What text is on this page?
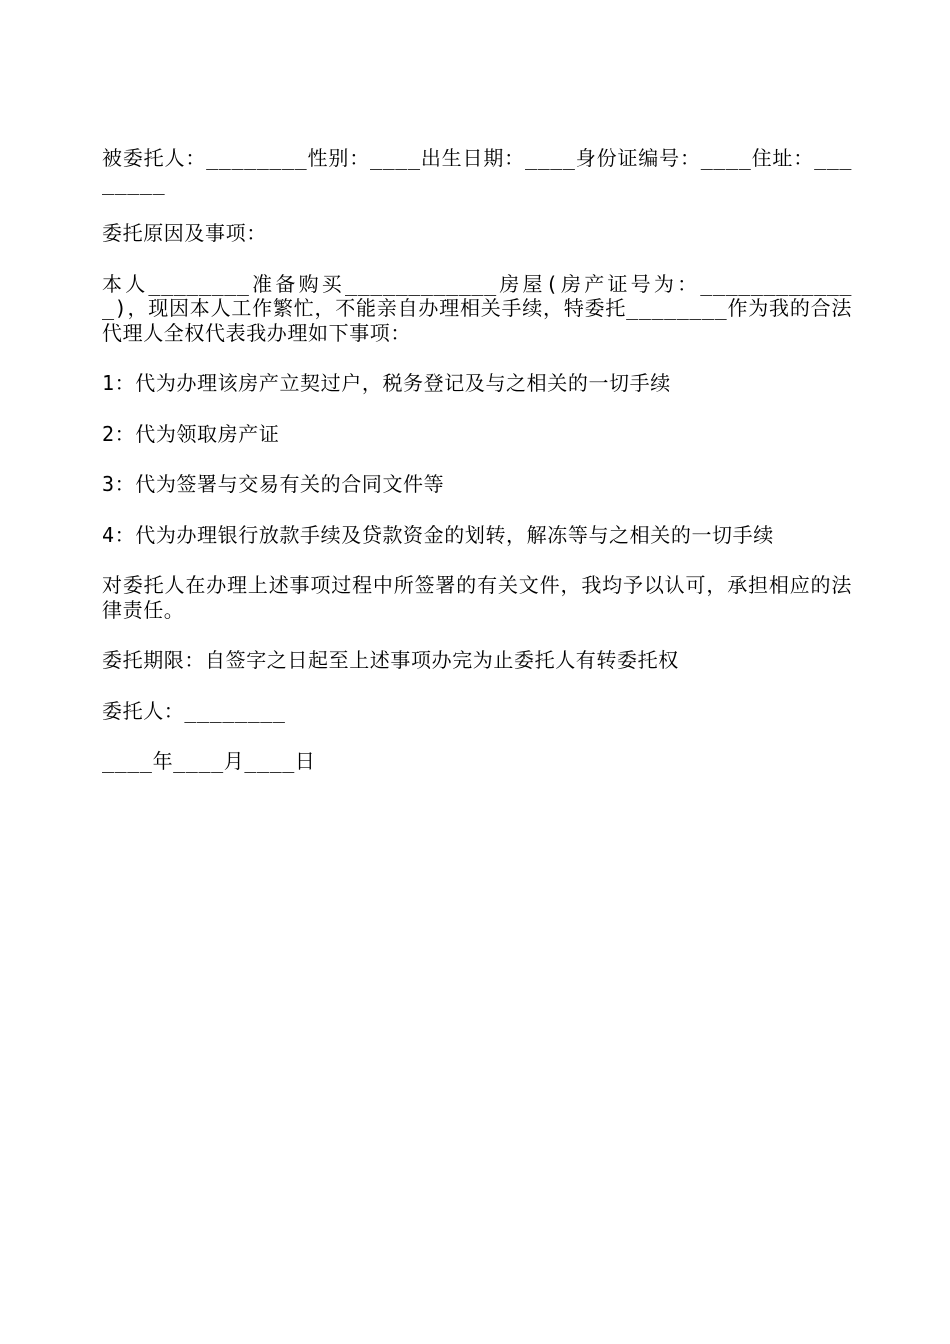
被委托人：________性别：____出生日期：____身份证编号：____住址：________

委托原因及事项：

本人________准备购买____________房屋(房产证号为：_____________)，现因本人工作繁忙，不能亲自办理相关手续，特委托________作为我的合法代理人全权代表我办理如下事项：

1：代为办理该房产立契过户，税务登记及与之相关的一切手续

2：代为领取房产证

3：代为签署与交易有关的合同文件等

4：代为办理银行放款手续及贷款资金的划转，解冻等与之相关的一切手续

对委托人在办理上述事项过程中所签署的有关文件，我均予以认可，承担相应的法律责任。

委托期限：自签字之日起至上述事项办完为止委托人有转委托权

委托人：________

____年____月____日
